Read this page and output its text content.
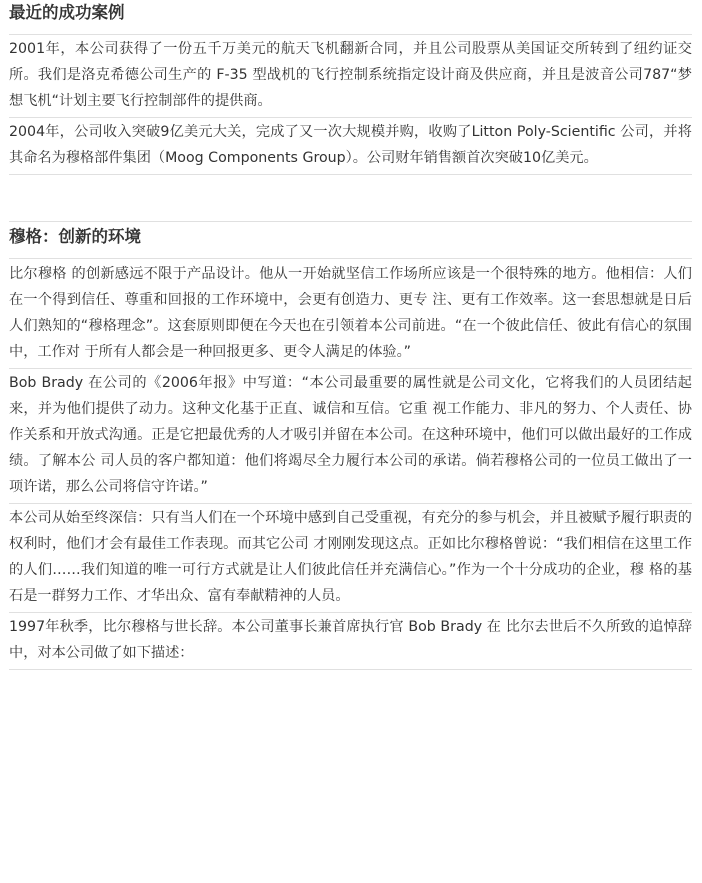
最近的成功案例

2001年，本公司获得了一份五千万美元的航天飞机翻新合同，并且公司股票从美国证交所转到了纽约证交所。我们是洛克希德公司生产的 F-35 型战机的飞行控制系统指定设计商及供应商，并且是波音公司787“梦想飞机“计划主要飞行控制部件的提供商。

2004年，公司收入突破9亿美元大关，完成了又一次大规模并购，收购了Litton Poly-Scientific 公司，并将其命名为穆格部件集团（Moog Components Group）。公司财年销售额首次突破10亿美元。

穆格：创新的环境

比尔穆格 的创新感远不限于产品设计。他从一开始就坚信工作场所应该是一个很特殊的地方。他相信：人们在一个得到信任、尊重和回报的工作环境中，会更有创造力、更专 注、更有工作效率。这一套思想就是日后人们熟知的“穆格理念”。这套原则即便在今天也在引领着本公司前进。“在一个彼此信任、彼此有信心的氛围中，工作对 于所有人都会是一种回报更多、更令人满足的体验。”

Bob Brady 在公司的《2006年报》中写道：“本公司最重要的属性就是公司文化，它将我们的人员团结起来，并为他们提供了动力。这种文化基于正直、诚信和互信。它重 视工作能力、非凡的努力、个人责任、协作关系和开放式沟通。正是它把最优秀的人才吸引并留在本公司。在这种环境中，他们可以做出最好的工作成绩。了解本公 司人员的客户都知道：他们将竭尽全力履行本公司的承诺。倘若穆格公司的一位员工做出了一项许诺，那么公司将信守许诺。”

本公司从始至终深信：只有当人们在一个环境中感到自己受重视，有充分的参与机会，并且被赋予履行职责的权利时，他们才会有最佳工作表现。而其它公司 才刚刚发现这点。正如比尔穆格曾说：“我们相信在这里工作的人们……我们知道的唯一可行方式就是让人们彼此信任并充满信心。”作为一个十分成功的企业，穆 格的基石是一群努力工作、才华出众、富有奉献精神的人员。

1997年秋季，比尔穆格与世长辞。本公司董事长兼首席执行官 Bob Brady 在 比尔去世后不久所致的追悼辞中，对本公司做了如下描述：
